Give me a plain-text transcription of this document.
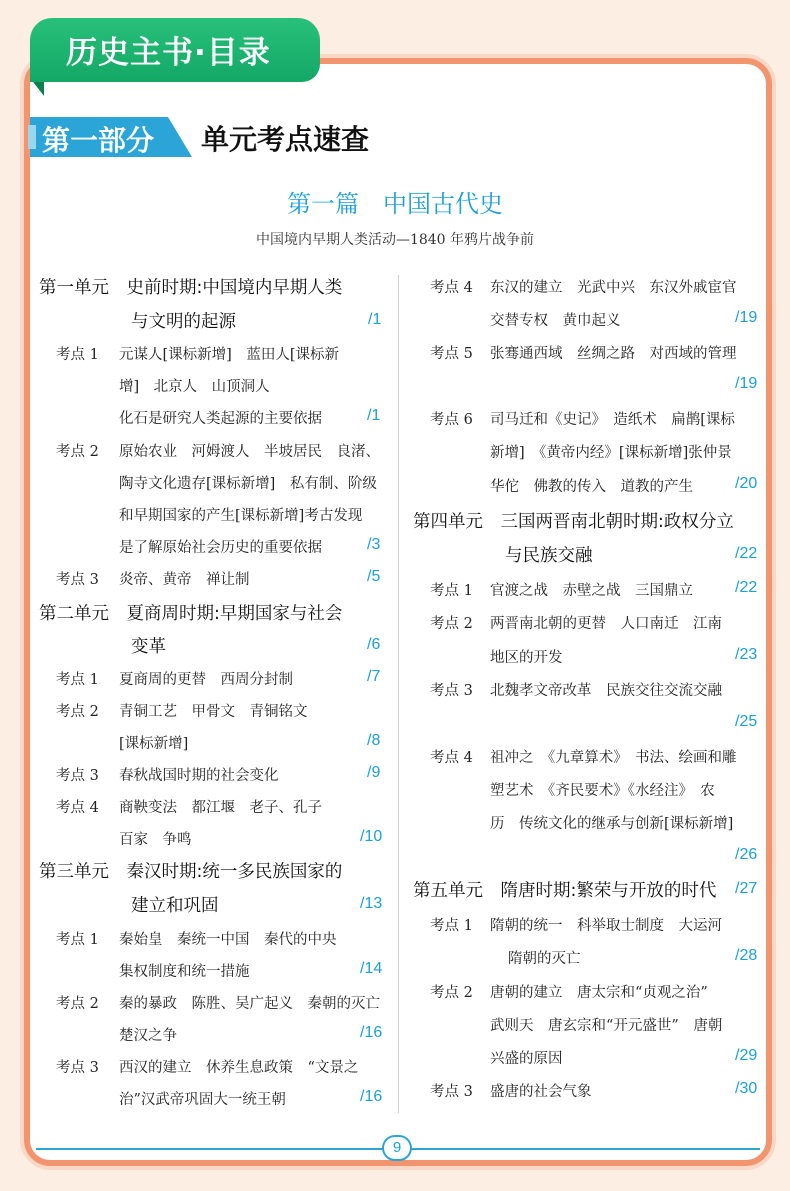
历史主书·目录
第一部分 单元考点速查
第一篇　中国古代史
中国境内早期人类活动—1840 年鸦片战争前
第一单元　史前时期:中国境内早期人类
与文明的起源	/1
考点 1 元谋人[课标新增]　蓝田人[课标新
增]　北京人　山顶洞人
化石是研究人类起源的主要依据	/1
考点 2 原始农业　河姆渡人　半坡居民　良渚、
陶寺文化遗存[课标新增]　私有制、阶级
和早期国家的产生[课标新增]考古发现
是了解原始社会历史的重要依据	/3
考点 3 炎帝、黄帝　禅让制	/5
第二单元　夏商周时期:早期国家与社会
变革	/6
考点 1 夏商周的更替　西周分封制	/7
考点 2 青铜工艺　甲骨文　青铜铭文
[课标新增]	/8
考点 3 春秋战国时期的社会变化	/9
考点 4 商鞅变法　都江堰　老子、孔子
百家　争鸣	/10
第三单元　秦汉时期:统一多民族国家的
建立和巩固	/13
考点 1 秦始皇　秦统一中国　秦代的中央
集权制度和统一措施	/14
考点 2 秦的暴政　陈胜、吴广起义　秦朝的灭亡
楚汉之争	/16
考点 3 西汉的建立　休养生息政策　“文景之
治”汉武帝巩固大一统王朝	/16
考点 4 东汉的建立　光武中兴　东汉外戚宦官
交替专权　黄巾起义	/19
考点 5 张骞通西域　丝绸之路　对西域的管理
/19
考点 6 司马迁和《史记》　造纸术　扁鹊[课标
新增]　《黄帝内经》[课标新增]张仲景
华佗　佛教的传入　道教的产生	/20
第四单元　三国两晋南北朝时期:政权分立
与民族交融	/22
考点 1 官渡之战　赤壁之战　三国鼎立	/22
考点 2 两晋南北朝的更替　人口南迁　江南
地区的开发	/23
考点 3 北魏孝文帝改革　民族交往交流交融
/25
考点 4 祖冲之　《九章算术》　书法、绘画和雕
塑艺术　《齐民要术》《水经注》　农
历　传统文化的继承与创新[课标新增]
/26
第五单元　隋唐时期:繁荣与开放的时代 /27
考点 1 隋朝的统一　科举取士制度　大运河
隋朝的灭亡	/28
考点 2 唐朝的建立　唐太宗和“贞观之治”
武则天　唐玄宗和“开元盛世”　唐朝
兴盛的原因	/29
考点 3 盛唐的社会气象	/30
9
